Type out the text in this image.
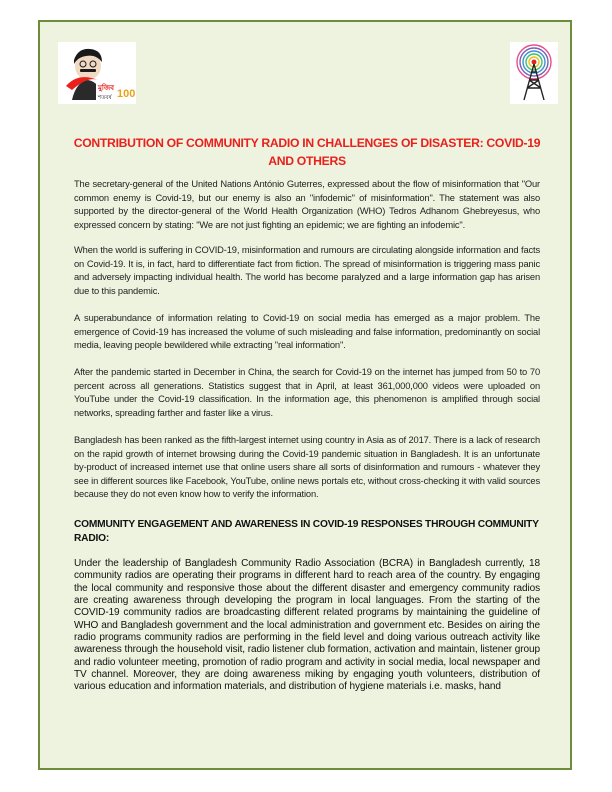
মুজিব
শতবর্ষ 100
CONTRIBUTION OF COMMUNITY RADIO IN CHALLENGES OF DISASTER: COVID-19 AND OTHERS

The secretary-general of the United Nations António Guterres, expressed about the flow of misinformation that "Our common enemy is Covid-19, but our enemy is also an "infodemic" of misinformation". The statement was also supported by the director-general of the World Health Organization (WHO) Tedros Adhanom Ghebreyesus, who expressed concern by stating: "We are not just fighting an epidemic; we are fighting an infodemic".

When the world is suffering in COVID-19, misinformation and rumours are circulating alongside information and facts on Covid-19. It is, in fact, hard to differentiate fact from fiction. The spread of misinformation is triggering mass panic and adversely impacting individual health. The world has become paralyzed and a large information gap has arisen due to this pandemic.

A superabundance of information relating to Covid-19 on social media has emerged as a major problem. The emergence of Covid-19 has increased the volume of such misleading and false information, predominantly on social media, leaving people bewildered while extracting "real information".

After the pandemic started in December in China, the search for Covid-19 on the internet has jumped from 50 to 70 percent across all generations. Statistics suggest that in April, at least 361,000,000 videos were uploaded on YouTube under the Covid-19 classification. In the information age, this phenomenon is amplified through social networks, spreading farther and faster like a virus.

Bangladesh has been ranked as the fifth-largest internet using country in Asia as of 2017. There is a lack of research on the rapid growth of internet browsing during the Covid-19 pandemic situation in Bangladesh. It is an unfortunate by-product of increased internet use that online users share all sorts of disinformation and rumours - whatever they see in different sources like Facebook, YouTube, online news portals etc, without cross-checking it with valid sources because they do not even know how to verify the information.

COMMUNITY ENGAGEMENT AND AWARENESS IN COVID-19 RESPONSES THROUGH COMMUNITY RADIO:

Under the leadership of Bangladesh Community Radio Association (BCRA) in Bangladesh currently, 18 community radios are operating their programs in different hard to reach area of the country. By engaging the local community and responsive those about the different disaster and emergency community radios are creating awareness through developing the program in local languages. From the starting of the COVID-19 community radios are broadcasting different related programs by maintaining the guideline of WHO and Bangladesh government and the local administration and government etc. Besides on airing the radio programs community radios are performing in the field level and doing various outreach activity like awareness through the household visit, radio listener club formation, activation and maintain, listener group and radio volunteer meeting, promotion of radio program and activity in social media, local newspaper and TV channel. Moreover, they are doing awareness miking by engaging youth volunteers, distribution of various education and information materials, and distribution of hygiene materials i.e. masks, hand
